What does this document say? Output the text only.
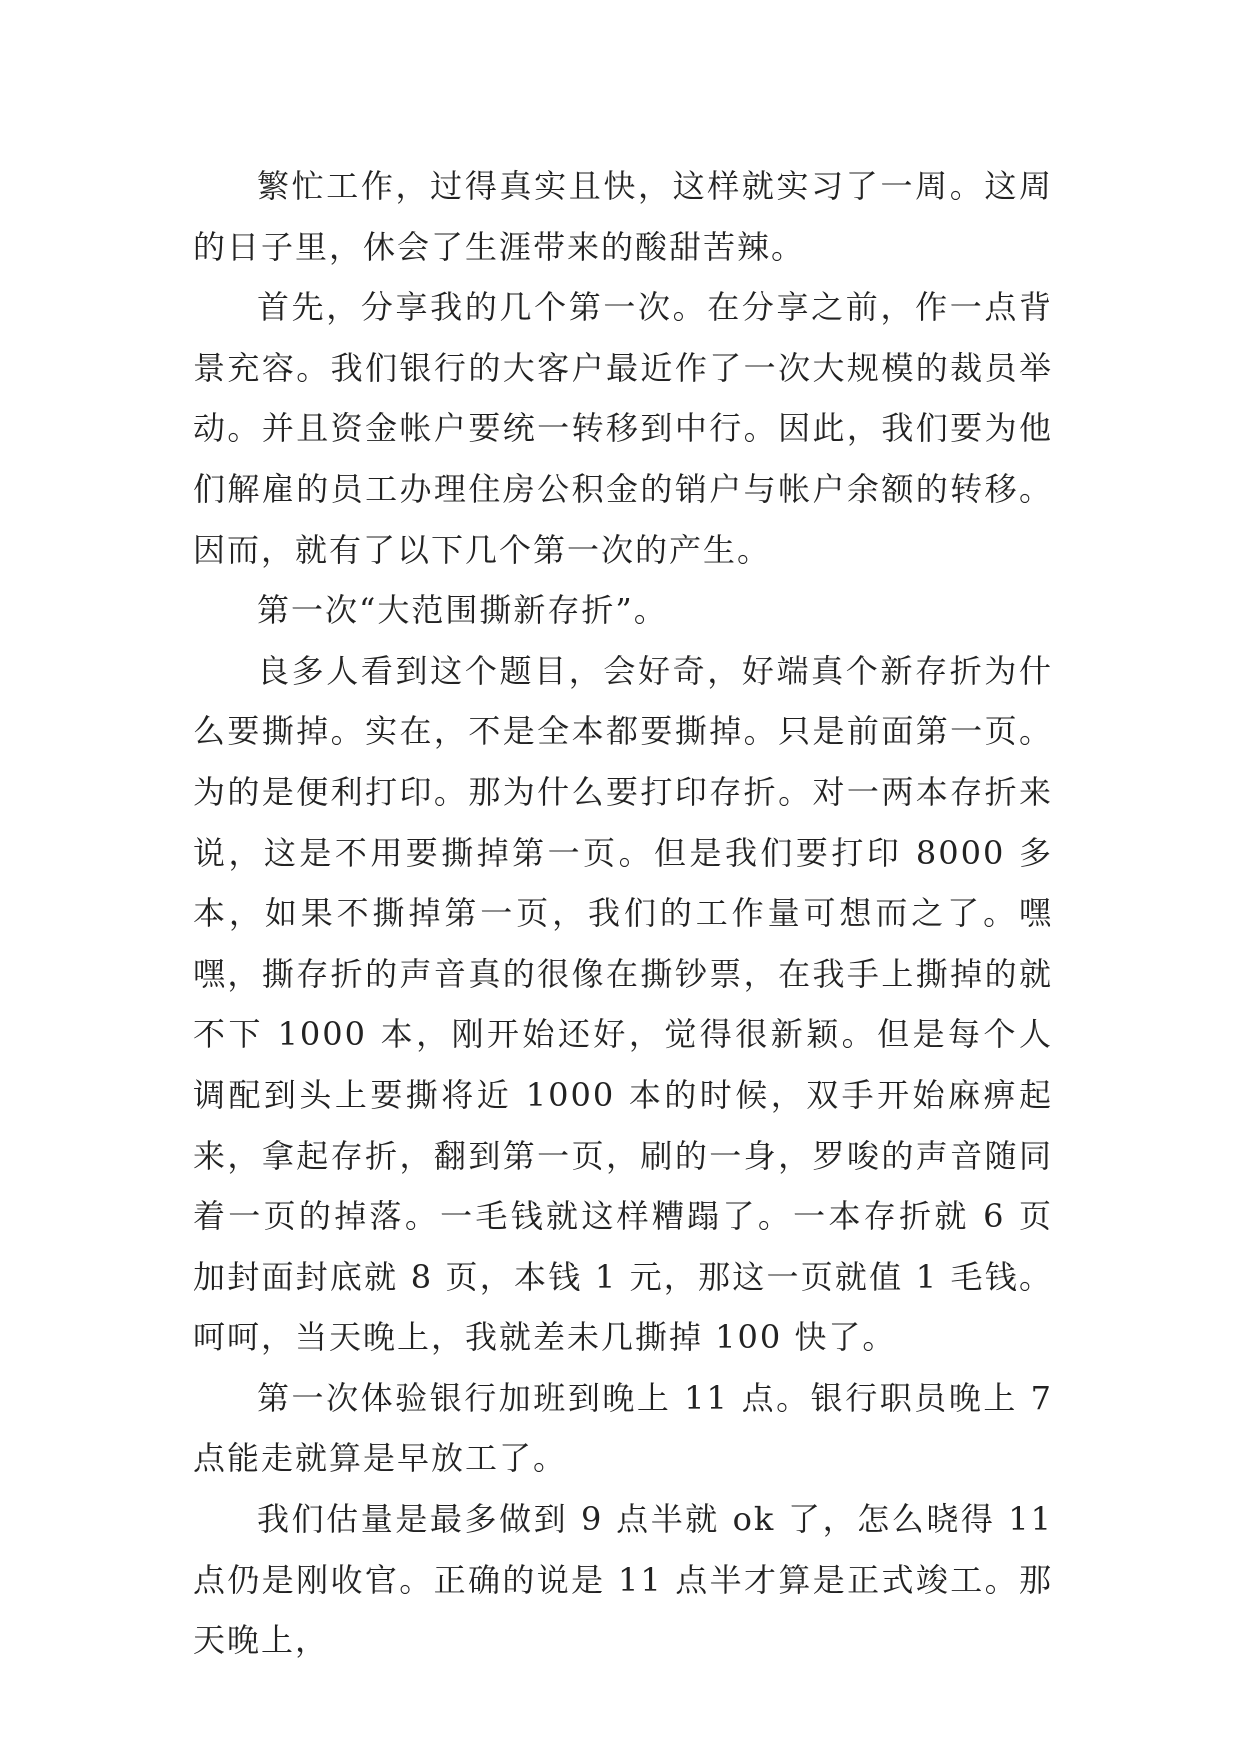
繁忙工作，过得真实且快，这样就实习了一周。这周的日子里，休会了生涯带来的酸甜苦辣。

首先，分享我的几个第一次。在分享之前，作一点背景充容。我们银行的大客户最近作了一次大规模的裁员举动。并且资金帐户要统一转移到中行。因此，我们要为他们解雇的员工办理住房公积金的销户与帐户余额的转移。因而，就有了以下几个第一次的产生。

第一次“大范围撕新存折”。

良多人看到这个题目，会好奇，好端真个新存折为什么要撕掉。实在，不是全本都要撕掉。只是前面第一页。为的是便利打印。那为什么要打印存折。对一两本存折来说，这是不用要撕掉第一页。但是我们要打印 8000 多本，如果不撕掉第一页，我们的工作量可想而之了。嘿嘿，撕存折的声音真的很像在撕钞票，在我手上撕掉的就不下 1000 本，刚开始还好，觉得很新颖。但是每个人调配到头上要撕将近 1000 本的时候，双手开始麻痹起来，拿起存折，翻到第一页，刷的一身，罗唆的声音随同着一页的掉落。一毛钱就这样糟蹋了。一本存折就 6 页加封面封底就 8 页，本钱 1 元，那这一页就值 1 毛钱。呵呵，当天晚上，我就差未几撕掉 100 快了。

第一次体验银行加班到晚上 11 点。银行职员晚上 7 点能走就算是早放工了。

我们估量是最多做到 9 点半就 ok 了，怎么晓得 11 点仍是刚收官。正确的说是 11 点半才算是正式竣工。那天晚上，
